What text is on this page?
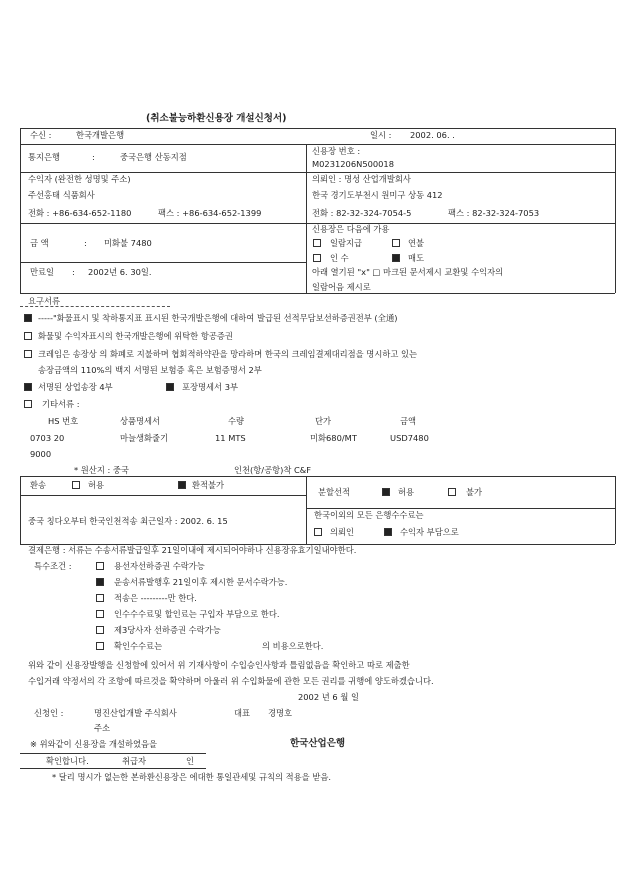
(취소불능하환신용장 개설신청서)
수신 :	한국개발은행	일시 : 2002. 06. .
통지은행	:	중국은행 산동지점
신용장 번호 :
M0231206N500018
수익자 (완전한 성명및 주소)
주선홍태 식품회사
전화 : +86-634-652-1180	팩스 : +86-634-652-1399
의뢰인 : 명성 산업개발회사
한국 경기도부천시 원미구 상동 412
전화 : 82-32-324-7054-5	팩스 : 82-32-324-7053
금 액	: 미화불 7480
신용장은 다음에 가용
일람지급	연불
인 수	매도
만료일 : 2002년 6. 30일.	아래 열기된 "x" □ 마크된 문서제시 교환및 수익자의
일람어음 제시로
요구서류
-----"화물표시 및 착하통지표 표시된 한국개발은행에 대하여 발급된 선적무담보선하증권전부 (全通)
화물및 수익자표시의 한국개발은행에 위탁한 항공증권
크레임은 송장상 의 화폐로 지불하며 협회적하약관을 망라하며 한국의 크레임결제대리점을 명시하고 있는
송장금액의 110%의 백지 서명된 보험증 혹은 보험증명서 2부
서명된 상업송장 4부	포장명세서 3부
기타서류 :
HS 번호	상품명세서	수량	단가	금액
0703 20	마늘생화줄기	11 MTS	미화680/MT	USD7480
9000
* 원산지 : 중국	인천(항/공항)착 C&F
환송	허용	환적불가
분할선적	허용	불가
중국 칭다오부터 한국인천적송 최근일자 : 2002. 6. 15
한국이외의 모든 은행수수료는
의뢰인	수익자 부담으로
결제은행 : 서류는 수송서류발급일후 21일이내에 제시되어야하나 신용장유효기일내야한다.
특수조건 :	용선자선하증권 수락가능
운송서류발행후 21일이후 제시한 문서수락가능.
적송은 ---------만 한다.
인수수수료및 할인료는 구입자 부담으로 한다.
제3당사자 선하증권 수락가능
확인수수료는	의 비용으로한다.
위와 같이 신용장발행을 신청함에 있어서 위 기재사항이 수입승인사항과 틀림없음을 확인하고 따로 제출한
수입거래 약정서의 각 조항에 따르것을 확약하며 아울러 위 수입화물에 관한 모든 권리를 귀행에 양도하겠습니다.
2002 년 6 월 일
신청인 :	명진산업개발 주식회사	대표 경명호
주소
※ 위와같이 신용장을 개설하였음을	한국산업은행
확인합니다.	취급자	인
* 달리 명시가 없는한 본하환신용장은 에대한 통일관세및 규칙의 적용을 받음.
